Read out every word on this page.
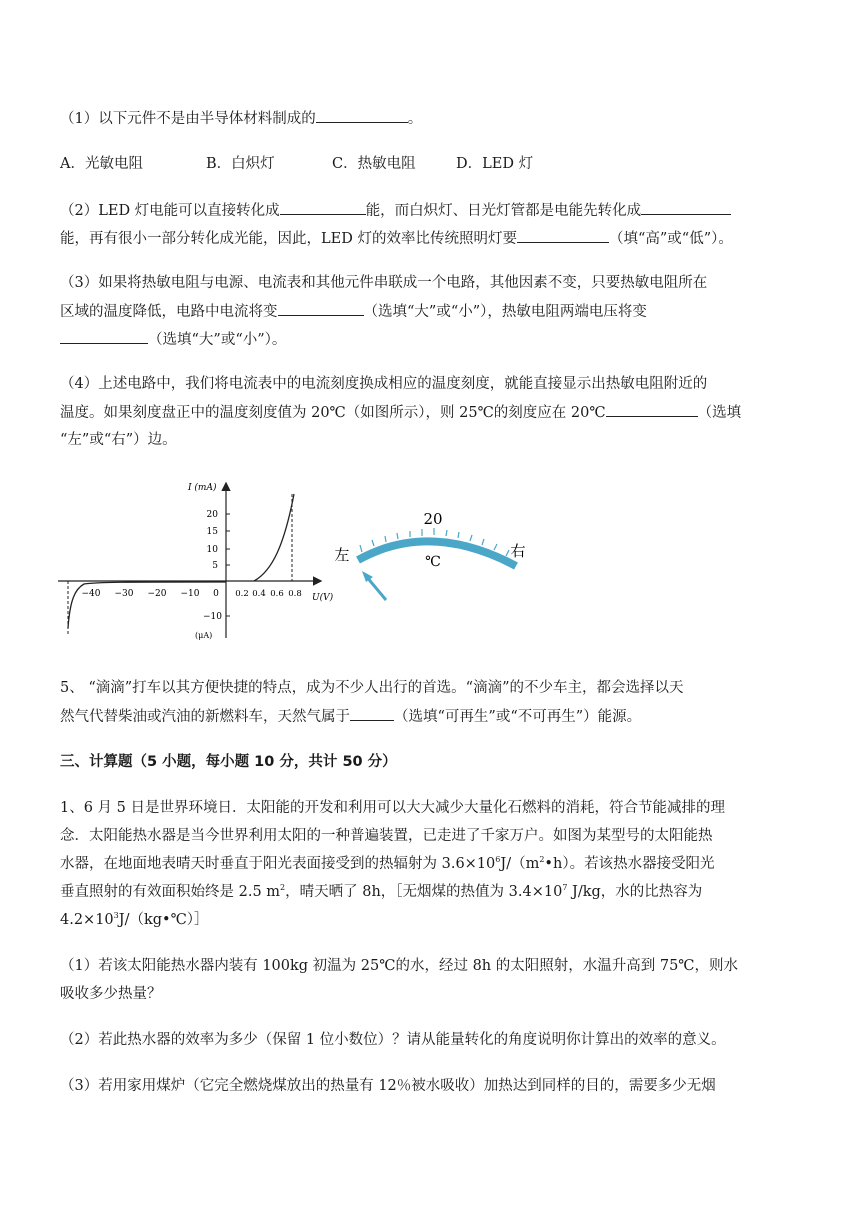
（1）以下元件不是由半导体材料制成的	。
A．光敏电阻	B．白炽灯	C．热敏电阻	D．LED 灯
（2）LED 灯电能可以直接转化成	能，而白炽灯、日光灯管都是电能先转化成
能，再有很小一部分转化成光能，因此，LED 灯的效率比传统照明灯要	（填“高”或“低”）。
（3）如果将热敏电阻与电源、电流表和其他元件串联成一个电路，其他因素不变，只要热敏电阻所在
区域的温度降低，电路中电流将变	（选填“大”或“小”），热敏电阻两端电压将变
（选填“大”或“小”）。
（4）上述电路中，我们将电流表中的电流刻度换成相应的温度刻度，就能直接显示出热敏电阻附近的
温度。如果刻度盘正中的温度刻度值为 20℃（如图所示），则 25℃的刻度应在 20℃	（选填
“左”或“右”）边。
I (mA)
U(V)
(μA)
20
15
10
5
−10
−40 −30 −20 −10 0 0.2 0.4 0.6 0.8
20
℃
左	右
5、 “滴滴”打车以其方便快捷的特点，成为不少人出行的首选。“滴滴”的不少车主，都会选择以天
然气代替柴油或汽油的新燃料车，天然气属于	（选填“可再生”或“不可再生”）能源。
三、计算题（5 小题，每小题 10 分，共计 50 分）
1、6 月 5 日是世界环境日．太阳能的开发和利用可以大大减少大量化石燃料的消耗，符合节能减排的理
念．太阳能热水器是当今世界利用太阳的一种普遍装置，已走进了千家万户。如图为某型号的太阳能热
水器，在地面地表晴天时垂直于阳光表面接受到的热辐射为 $3.6\times 10^6J/(m^2•h)$。若该热水器接受阳光
垂直照射的有效面积始终是 2.5 $m^2$，晴天晒了 8h，［无烟煤的热值为 $3.4\times 10^7$ J/kg，水的比热容为
$4.2\times 10^3J/(kg•℃)]$
（1）若该太阳能热水器内装有 100kg 初温为 25℃的水，经过 8h 的太阳照射，水温升高到 75℃，则水
吸收多少热量？
（2）若此热水器的效率为多少（保留 1 位小数位）？请从能量转化的角度说明你计算出的效率的意义。
（3）若用家用煤炉（它完全燃烧煤放出的热量有 12％被水吸收）加热达到同样的目的，需要多少无烟
